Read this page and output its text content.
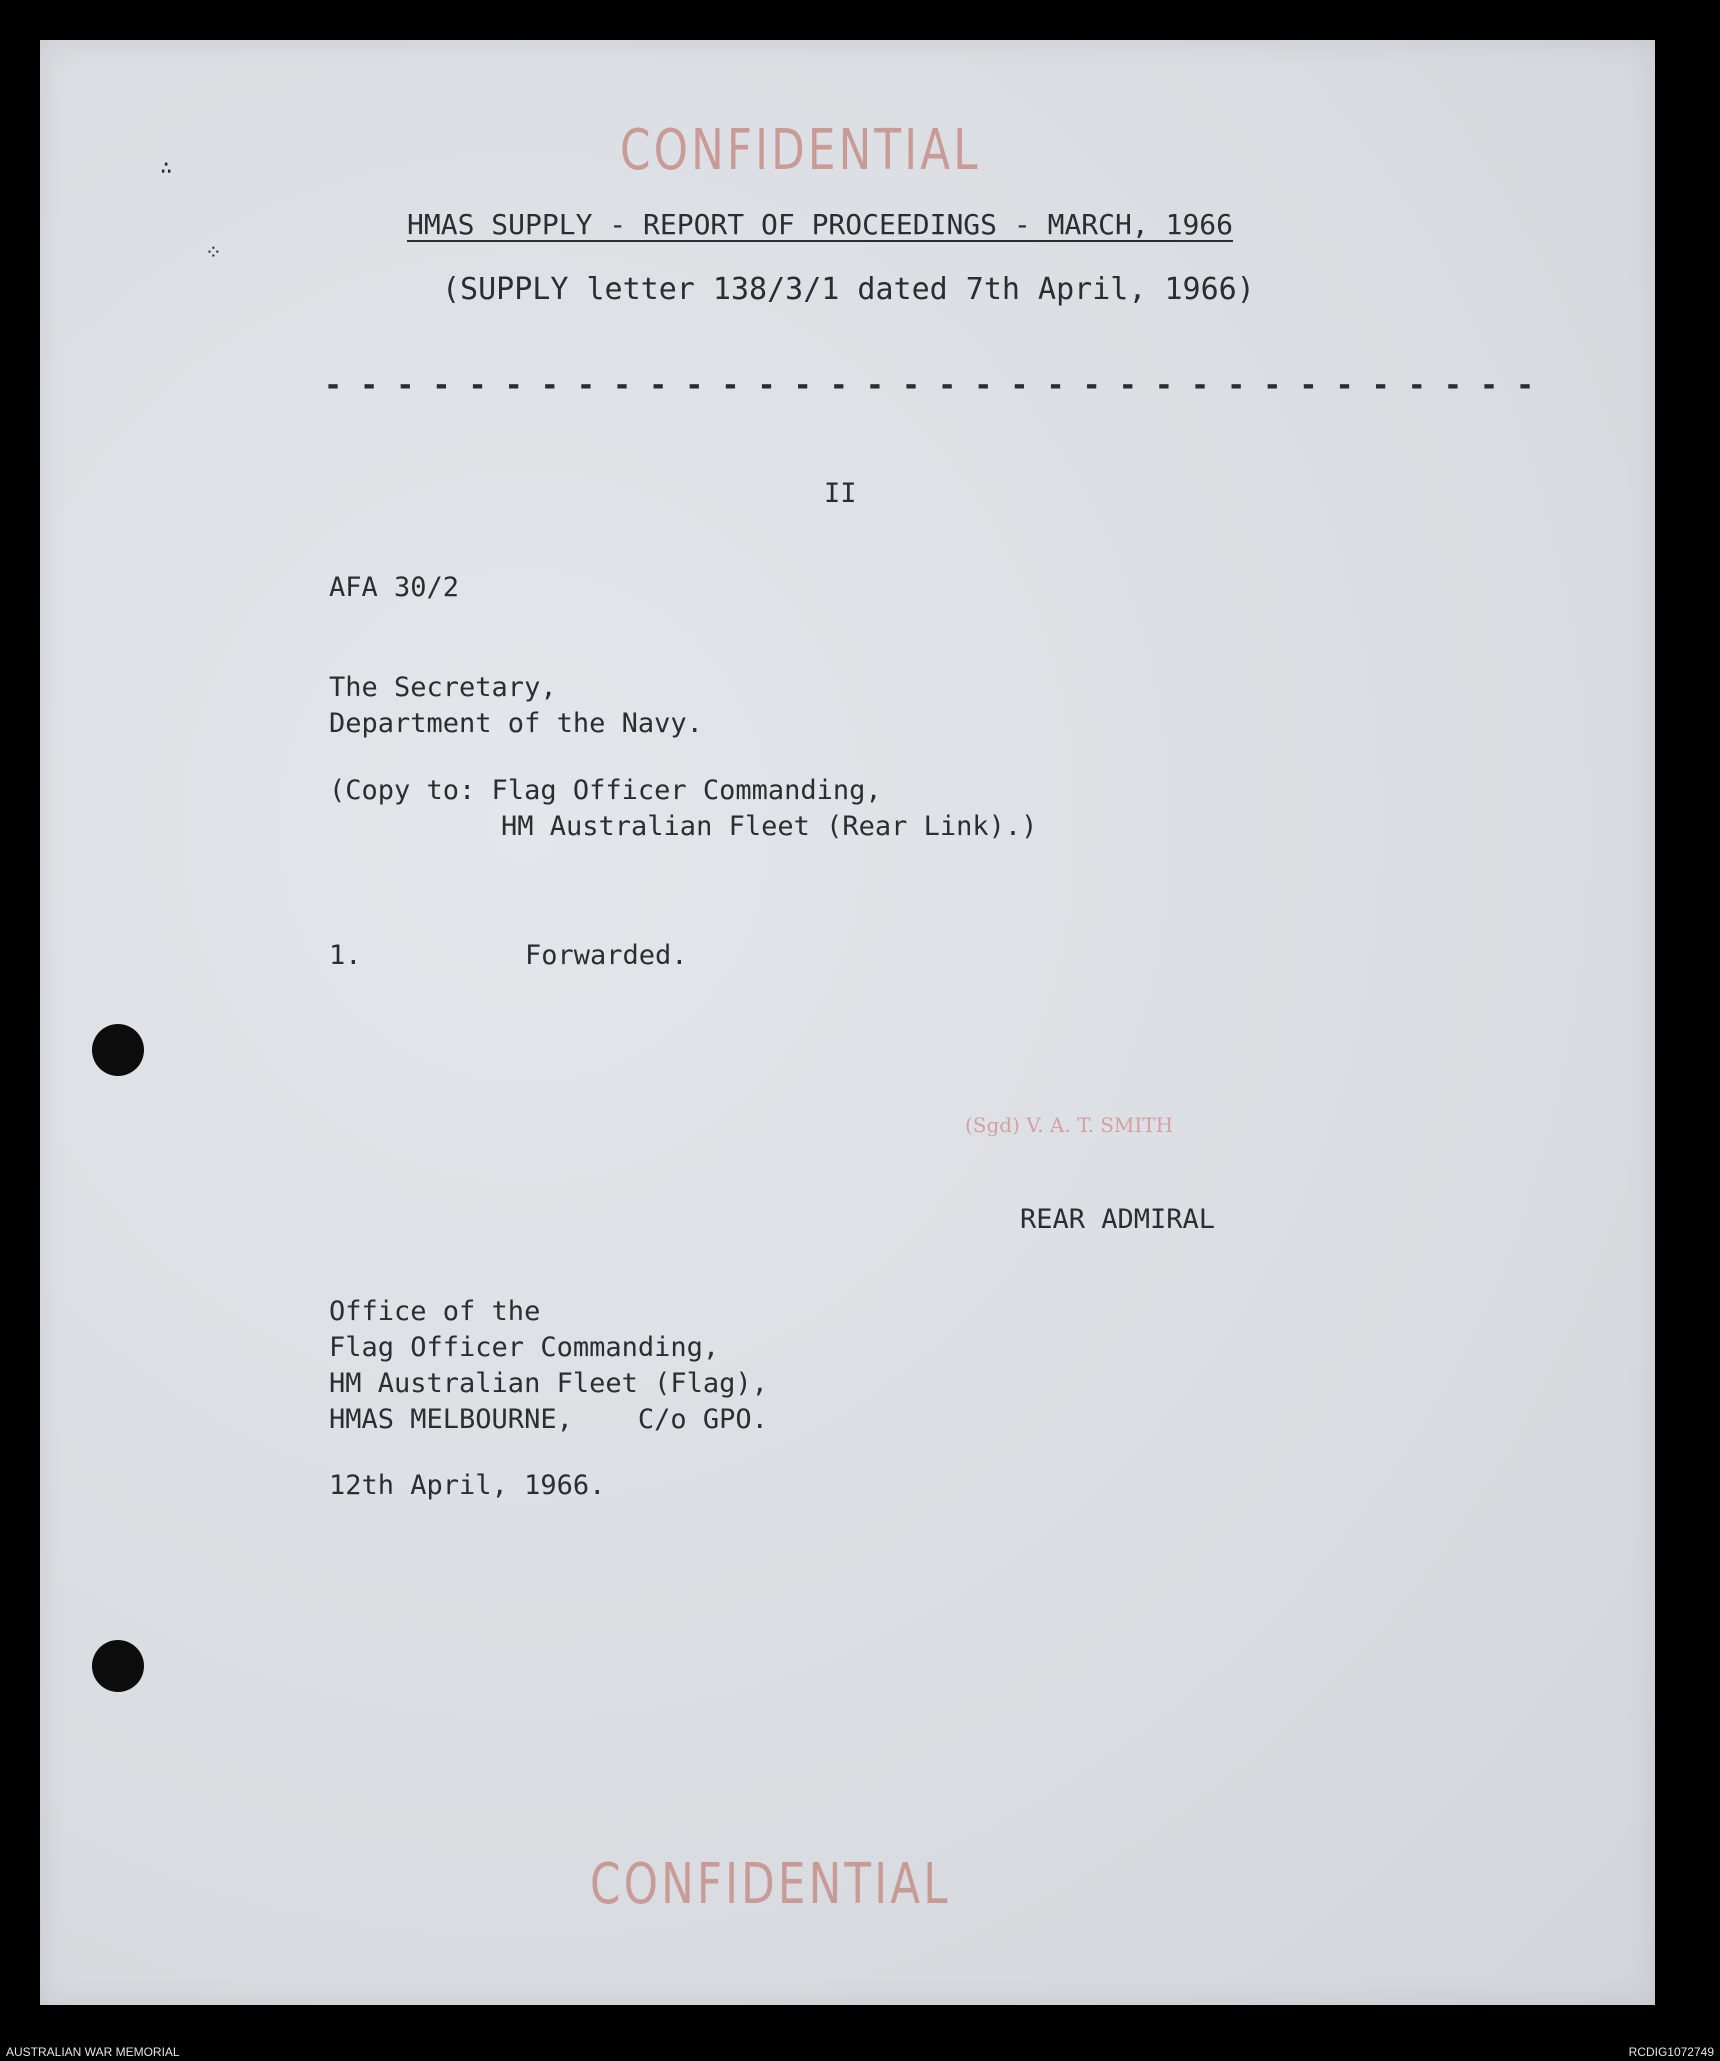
∴
⁘
CONFIDENTIAL
HMAS SUPPLY - REPORT OF PROCEEDINGS - MARCH, 1966
(SUPPLY letter 138/3/1 dated 7th April, 1966)
- - - - - - - - - - - - - - - - - - - - - - - - - - - - - - - - - -
II
AFA 30/2
The Secretary,
Department of the Navy.
(Copy to: Flag Officer Commanding,
HM Australian Fleet (Rear Link).)
1.	Forwarded.
(Sgd) V. A. T. SMITH
REAR ADMIRAL
Office of the
Flag Officer Commanding,
HM Australian Fleet (Flag),
HMAS MELBOURNE,    C/o GPO.
12th April, 1966.
CONFIDENTIAL
AUSTRALIAN WAR MEMORIAL	RCDIG1072749
